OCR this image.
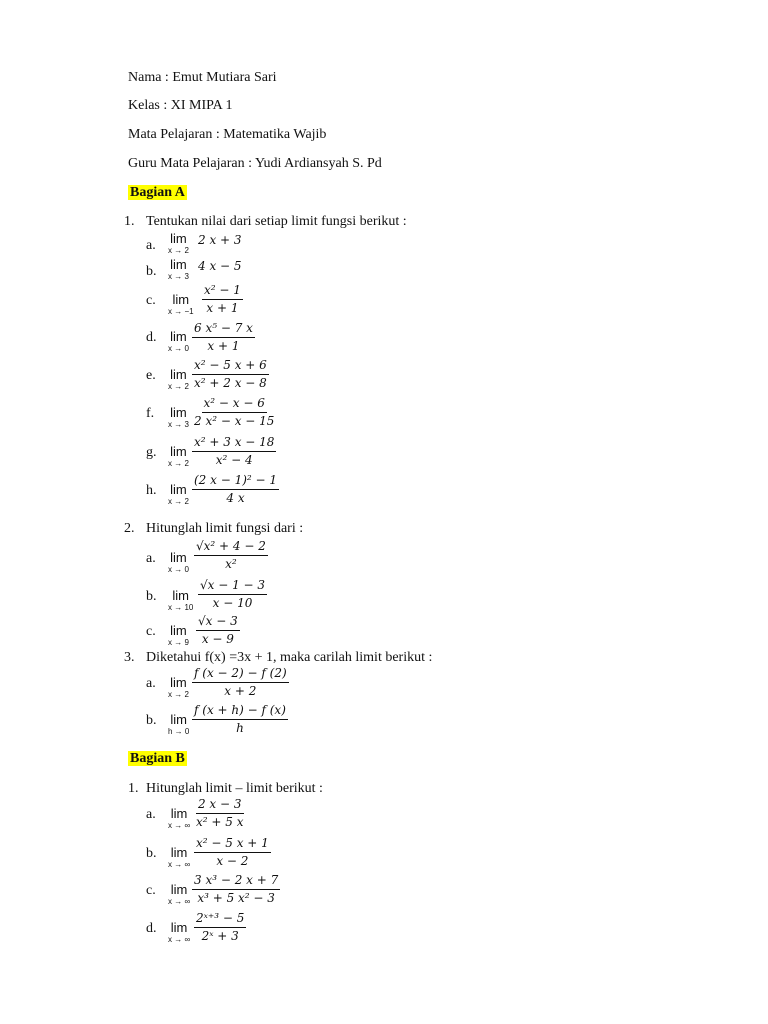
Nama : Emut Mutiara Sari
Kelas : XI MIPA 1
Mata Pelajaran : Matematika Wajib
Guru Mata Pelajaran : Yudi Ardiansyah S. Pd
Bagian A
1. Tentukan nilai dari setiap limit fungsi berikut :
a. lim
x → 2
2 x + 3
b. lim
x → 3
4 x − 5
c. lim
$x \to -1 \frac{\text{x² − 1}}{x + 1}$
d. lim
$x \to 0 \frac{\text{6 x⁵ − 7 x}}{x + 1}$
e. lim
$x \to 2 \frac{\text{x² − 5 x + 6}}{\text{x² + 2 x − 8}}$
f. lim
$x \to 3 \frac{\text{x² − x − 6}}{\text{2 x² − x − 15}}$
g. lim
$x \to 2 \frac{\text{x² + 3 x − 18}}{\text{x² − 4}}$
h. lim
$x \to 2 \frac{\text{(2 x − 1)² − 1}}{4 x}$
2. Hitunglah limit fungsi dari :
a. lim
$x \to 0 \frac{\text{√x² + 4 − 2}}{\text{x²}}$
b. lim
$x \to 10 \frac{√x - 1 - 3}{x - 10}$
c. lim
$x \to 9 \frac{√x - 3}{x - 9}$
3. Diketahui f(x) =3x + 1, maka carilah limit berikut :
a. lim
$x \to 2 \frac{f (x - 2) - f (2)}{x + 2}$
b. lim
$h \to 0 \frac{f (x + h) - f (x)}{h}$
Bagian B
1. Hitunglah limit – limit berikut :
a. lim
x → ∞ $\frac{2 x - 3}{\text{x² + 5 x}}$
b. lim
x → ∞ $\frac{\text{x² − 5 x + 1}}{x - 2}$
c. lim
x → ∞ $\frac{\text{3 x³ − 2 x + 7}}{\text{x³ + 5 x² − 3}}$
d. lim
x → ∞ $\frac{\text{2ˣ⁺³ − 5}}{\text{2ˣ + 3}}$
